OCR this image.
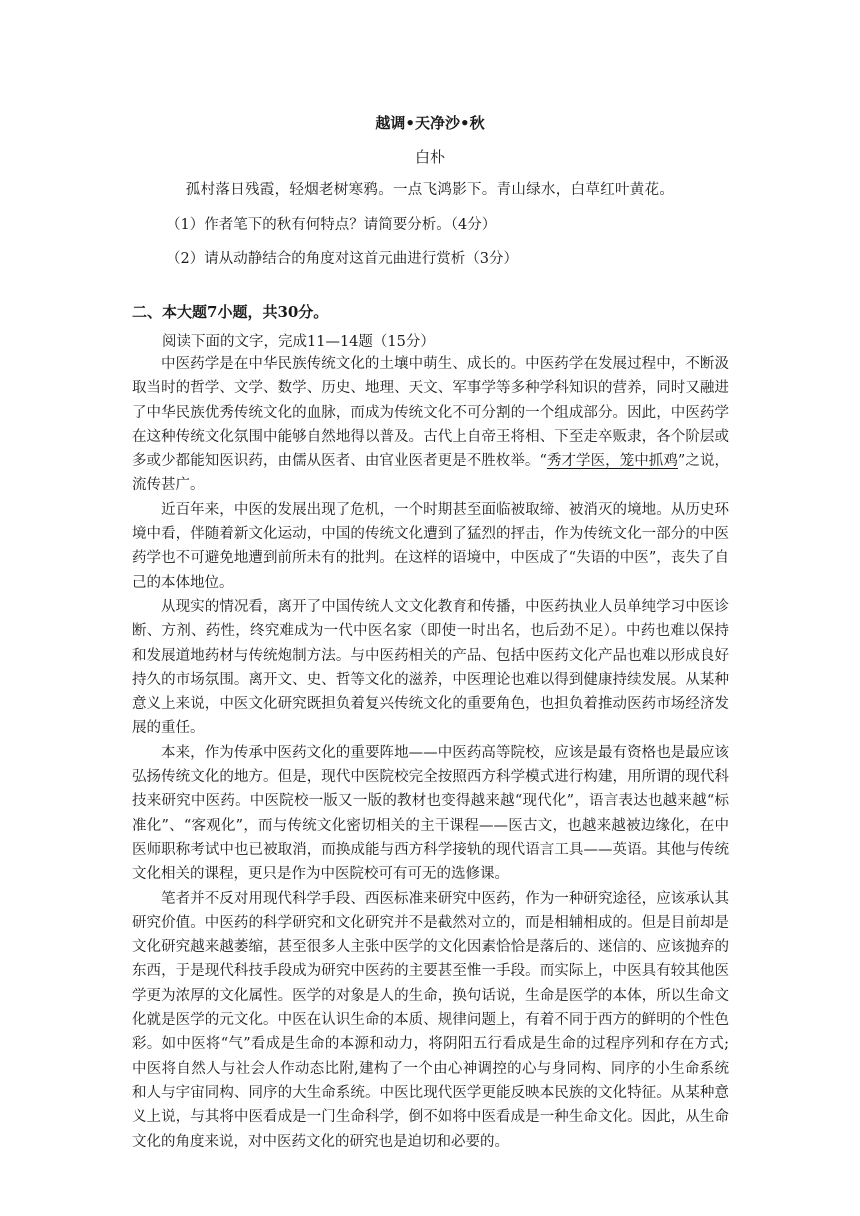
越调•天净沙•秋
白朴
孤村落日残霞，轻烟老树寒鸦。一点飞鸿影下。青山绿水，白草红叶黄花。
（1）作者笔下的秋有何特点？请简要分析。（4分）
（2）请从动静结合的角度对这首元曲进行赏析（3分）
二、本大题7小题，共30分。
阅读下面的文字，完成11—14题（15分）

中医药学是在中华民族传统文化的土壤中萌生、成长的。中医药学在发展过程中，不断汲取当时的哲学、文学、数学、历史、地理、天文、军事学等多种学科知识的营养，同时又融进了中华民族优秀传统文化的血脉，而成为传统文化不可分割的一个组成部分。因此，中医药学在这种传统文化氛围中能够自然地得以普及。古代上自帝王将相、下至走卒贩隶，各个阶层或多或少都能知医识药，由儒从医者、由官业医者更是不胜枚举。“秀才学医，笼中抓鸡”之说，流传甚广。

近百年来，中医的发展出现了危机，一个时期甚至面临被取缔、被消灭的境地。从历史环境中看，伴随着新文化运动，中国的传统文化遭到了猛烈的抨击，作为传统文化一部分的中医药学也不可避免地遭到前所未有的批判。在这样的语境中，中医成了“失语的中医”，丧失了自己的本体地位。

从现实的情况看，离开了中国传统人文文化教育和传播，中医药执业人员单纯学习中医诊断、方剂、药性，终究难成为一代中医名家（即使一时出名，也后劲不足）。中药也难以保持和发展道地药材与传统炮制方法。与中医药相关的产品、包括中医药文化产品也难以形成良好持久的市场氛围。离开文、史、哲等文化的滋养，中医理论也难以得到健康持续发展。从某种意义上来说，中医文化研究既担负着复兴传统文化的重要角色，也担负着推动医药市场经济发展的重任。

本来，作为传承中医药文化的重要阵地——中医药高等院校，应该是最有资格也是最应该弘扬传统文化的地方。但是，现代中医院校完全按照西方科学模式进行构建，用所谓的现代科技来研究中医药。中医院校一版又一版的教材也变得越来越“现代化”，语言表达也越来越“标准化”、“客观化”，而与传统文化密切相关的主干课程——医古文，也越来越被边缘化，在中医师职称考试中也已被取消，而换成能与西方科学接轨的现代语言工具——英语。其他与传统文化相关的课程，更只是作为中医院校可有可无的选修课。

笔者并不反对用现代科学手段、西医标准来研究中医药，作为一种研究途径，应该承认其研究价值。中医药的科学研究和文化研究并不是截然对立的，而是相辅相成的。但是目前却是文化研究越来越萎缩，甚至很多人主张中医学的文化因素恰恰是落后的、迷信的、应该抛弃的东西，于是现代科技手段成为研究中医药的主要甚至惟一手段。而实际上，中医具有较其他医学更为浓厚的文化属性。医学的对象是人的生命，换句话说，生命是医学的本体，所以生命文化就是医学的元文化。中医在认识生命的本质、规律问题上，有着不同于西方的鲜明的个性色彩。如中医将“气”看成是生命的本源和动力，将阴阳五行看成是生命的过程序列和存在方式;中医将自然人与社会人作动态比附,建构了一个由心神调控的心与身同构、同序的小生命系统和人与宇宙同构、同序的大生命系统。中医比现代医学更能反映本民族的文化特征。从某种意义上说，与其将中医看成是一门生命科学，倒不如将中医看成是一种生命文化。因此，从生命文化的角度来说，对中医药文化的研究也是迫切和必要的。
